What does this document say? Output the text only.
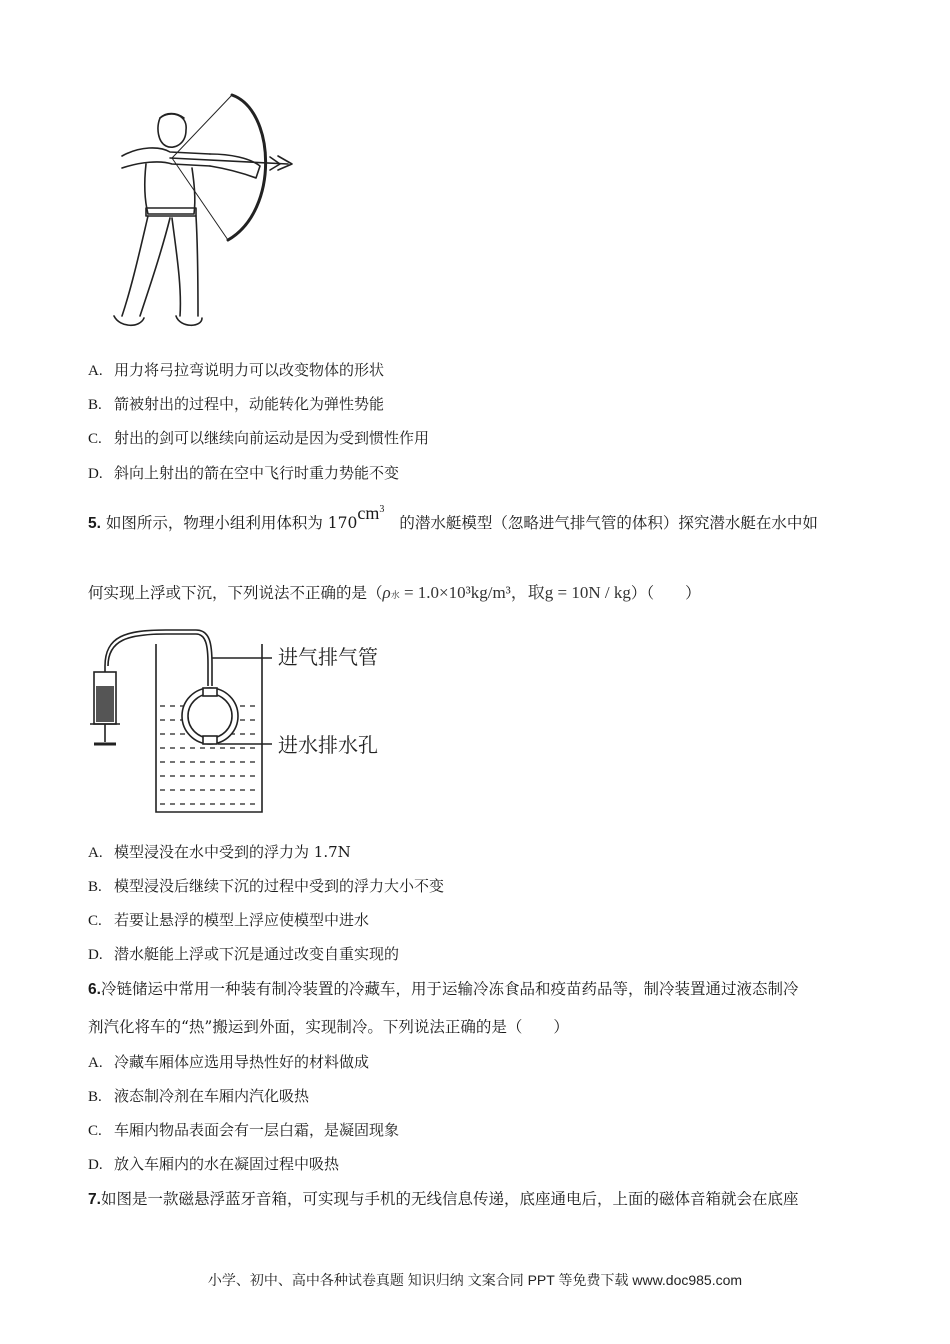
A. 用力将弓拉弯说明力可以改变物体的形状
B. 箭被射出的过程中，动能转化为弹性势能
C. 射出的剑可以继续向前运动是因为受到惯性作用
D. 斜向上射出的箭在空中飞行时重力势能不变
5. 如图所示，物理小组利用体积为 $170cm^3$ 的潜水艇模型（忽略进气排气管的体积）探究潜水艇在水中如
何实现上浮或下沉，下列说法不正确的是（ρ水 = 1.0×10³kg/m³，取g = 10N / kg）（　　）
进气排气管
进水排水孔
A. 模型浸没在水中受到的浮力为 1.7N
B. 模型浸没后继续下沉的过程中受到的浮力大小不变
C. 若要让悬浮的模型上浮应使模型中进水
D. 潜水艇能上浮或下沉是通过改变自重实现的
6.冷链储运中常用一种装有制冷装置的冷藏车，用于运输冷冻食品和疫苗药品等，制冷装置通过液态制冷
剂汽化将车的“热”搬运到外面，实现制冷。下列说法正确的是（　　）
A. 冷藏车厢体应选用导热性好的材料做成
B. 液态制冷剂在车厢内汽化吸热
C. 车厢内物品表面会有一层白霜，是凝固现象
D. 放入车厢内的水在凝固过程中吸热
7.如图是一款磁悬浮蓝牙音箱，可实现与手机的无线信息传递，底座通电后，上面的磁体音箱就会在底座
小学、初中、高中各种试卷真题 知识归纳 文案合同 PPT 等免费下载 www.doc985.com
